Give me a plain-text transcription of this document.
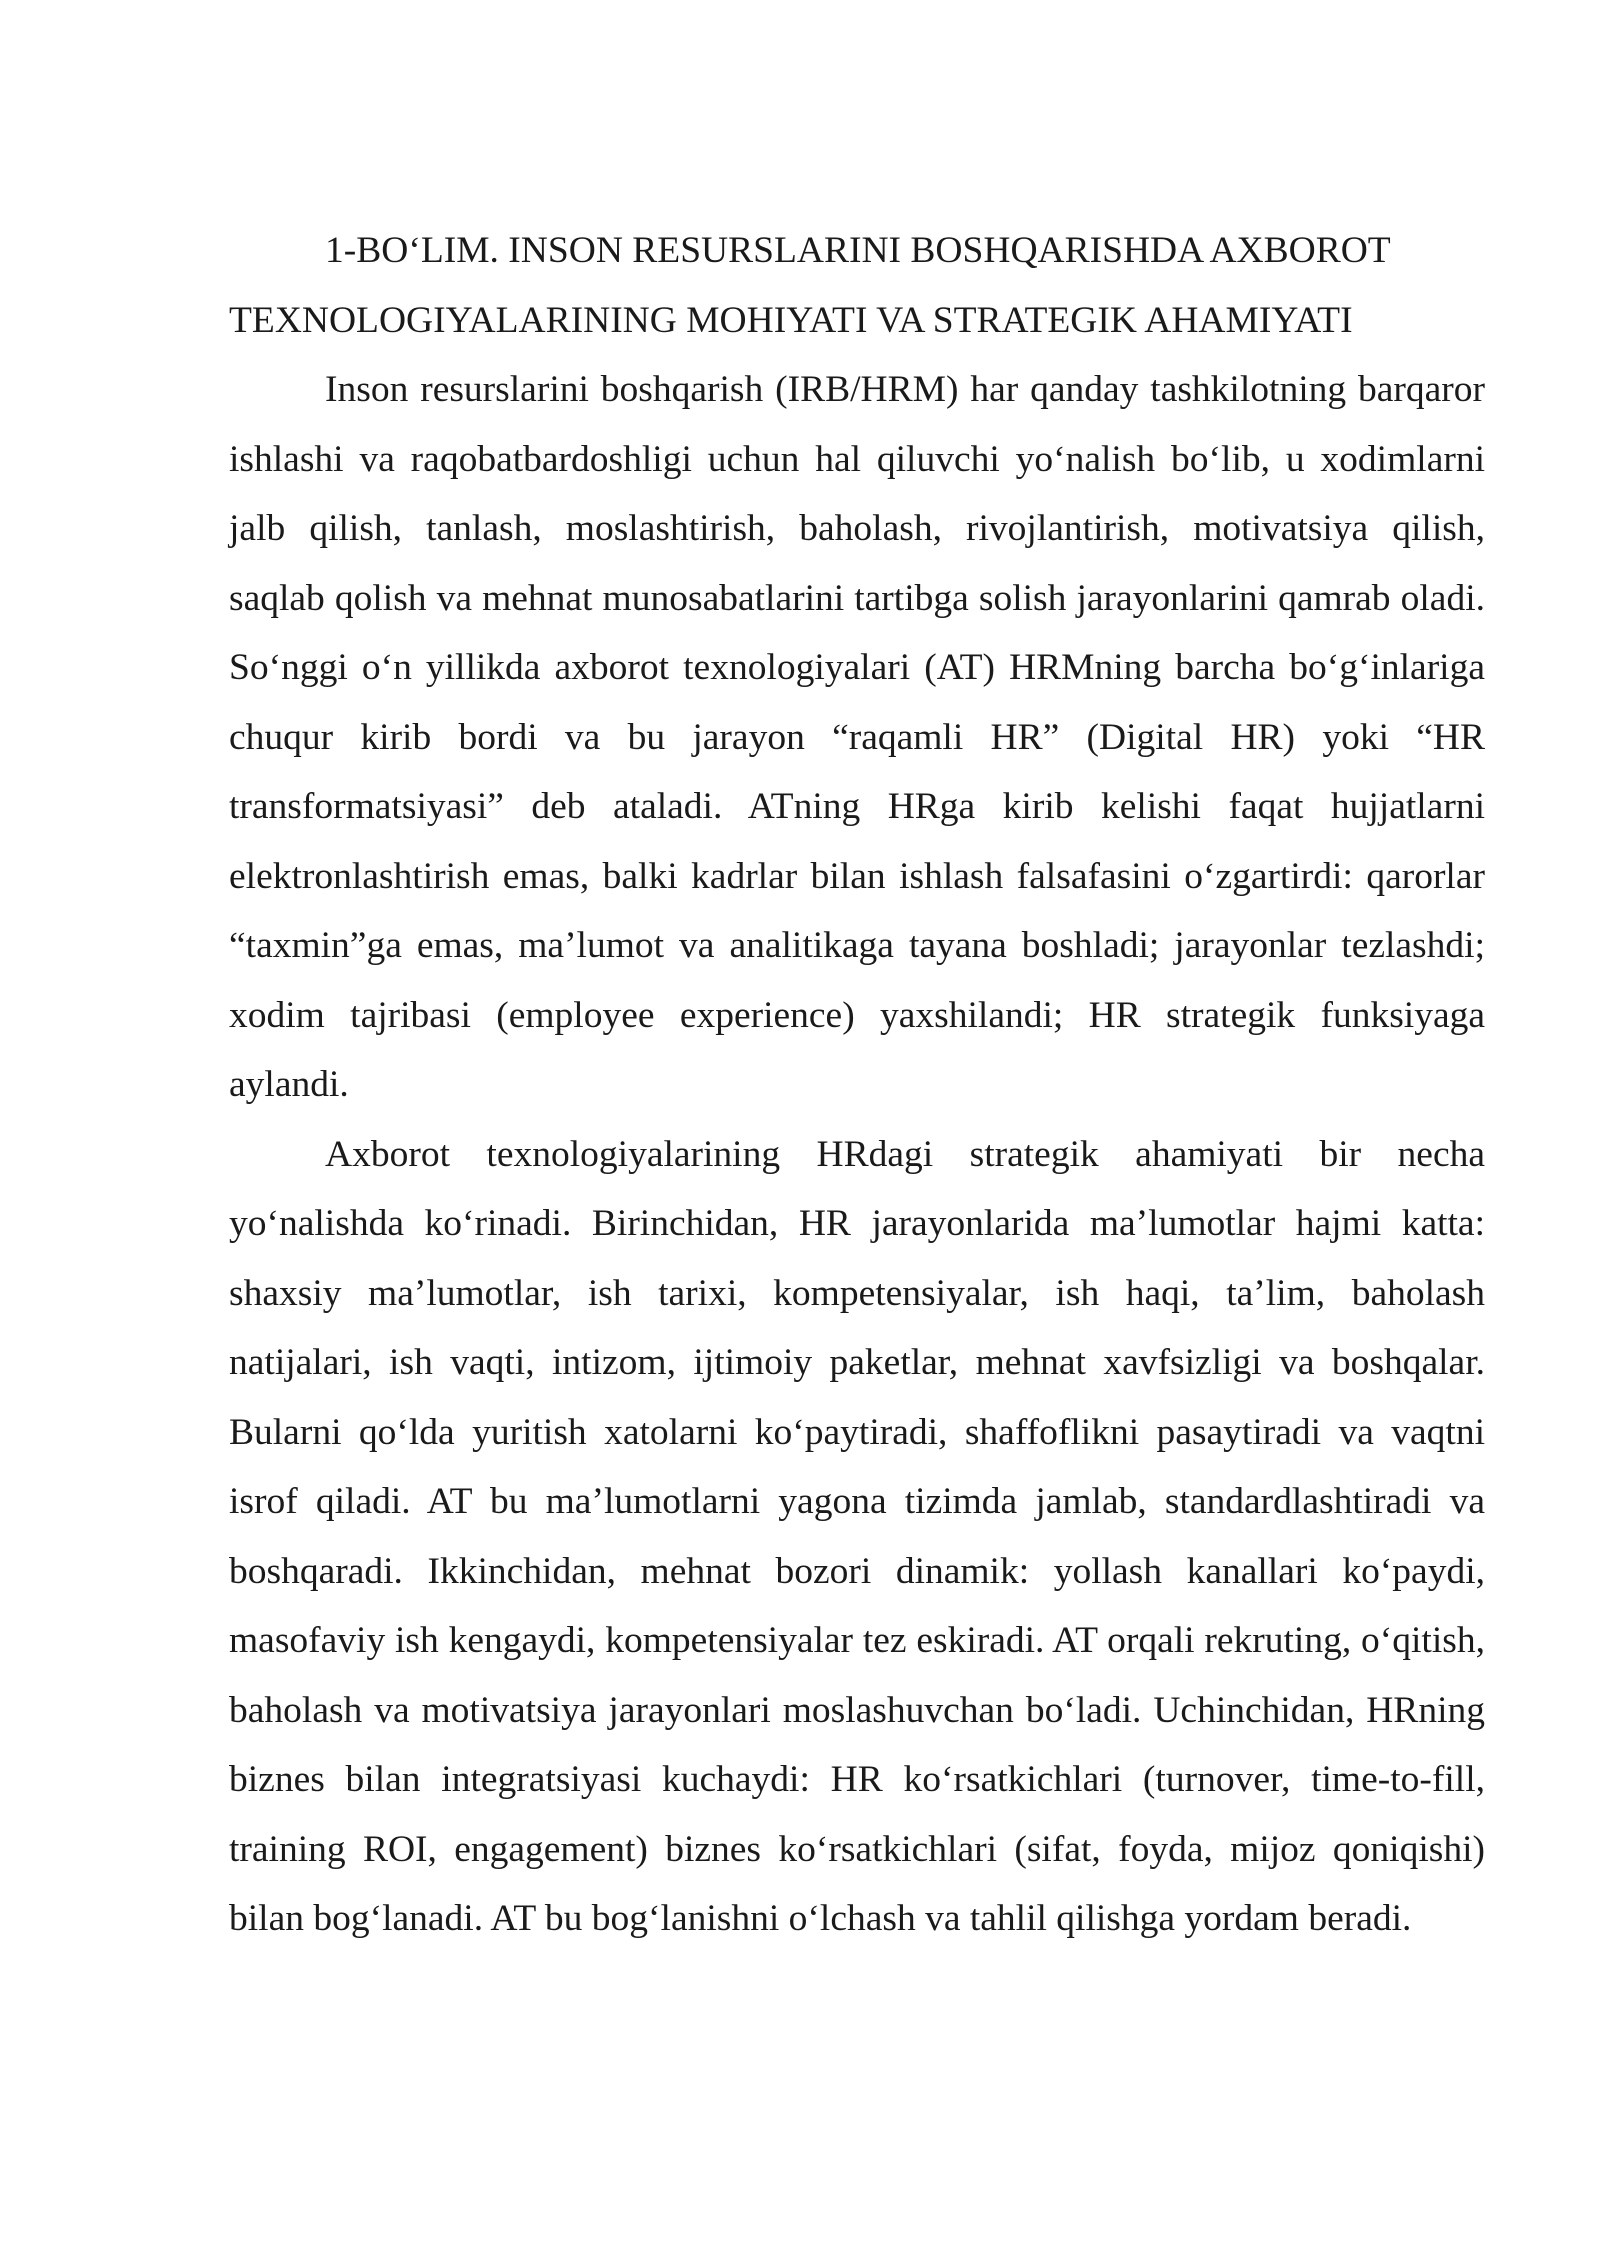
1-BO‘LIM. INSON RESURSLARINI BOSHQARISHDA AXBOROT TEXNOLOGIYALARINING MOHIYATI VA STRATEGIK AHAMIYATI

Inson resurslarini boshqarish (IRB/HRM) har qanday tashkilotning barqaror ishlashi va raqobatbardoshligi uchun hal qiluvchi yo‘nalish bo‘lib, u xodimlarni jalb qilish, tanlash, moslashtirish, baholash, rivojlantirish, motivatsiya qilish, saqlab qolish va mehnat munosabatlarini tartibga solish jarayonlarini qamrab oladi. So‘nggi o‘n yillikda axborot texnologiyalari (AT) HRMning barcha bo‘g‘inlariga chuqur kirib bordi va bu jarayon “raqamli HR” (Digital HR) yoki “HR transformatsiyasi” deb ataladi. ATning HRga kirib kelishi faqat hujjatlarni elektronlashtirish emas, balki kadrlar bilan ishlash falsafasini o‘zgartirdi: qarorlar “taxmin”ga emas, ma’lumot va analitikaga tayana boshladi; jarayonlar tezlashdi; xodim tajribasi (employee experience) yaxshilandi; HR strategik funksiyaga aylandi.

Axborot texnologiyalarining HRdagi strategik ahamiyati bir necha yo‘nalishda ko‘rinadi. Birinchidan, HR jarayonlarida ma’lumotlar hajmi katta: shaxsiy ma’lumotlar, ish tarixi, kompetensiyalar, ish haqi, ta’lim, baholash natijalari, ish vaqti, intizom, ijtimoiy paketlar, mehnat xavfsizligi va boshqalar. Bularni qo‘lda yuritish xatolarni ko‘paytiradi, shaffoflikni pasaytiradi va vaqtni isrof qiladi. AT bu ma’lumotlarni yagona tizimda jamlab, standardlashtiradi va boshqaradi. Ikkinchidan, mehnat bozori dinamik: yollash kanallari ko‘paydi, masofaviy ish kengaydi, kompetensiyalar tez eskiradi. AT orqali rekruting, o‘qitish, baholash va motivatsiya jarayonlari moslashuvchan bo‘ladi. Uchinchidan, HRning biznes bilan integratsiyasi kuchaydi: HR ko‘rsatkichlari (turnover, time-to-fill, training ROI, engagement) biznes ko‘rsatkichlari (sifat, foyda, mijoz qoniqishi) bilan bog‘lanadi. AT bu bog‘lanishni o‘lchash va tahlil qilishga yordam beradi.
